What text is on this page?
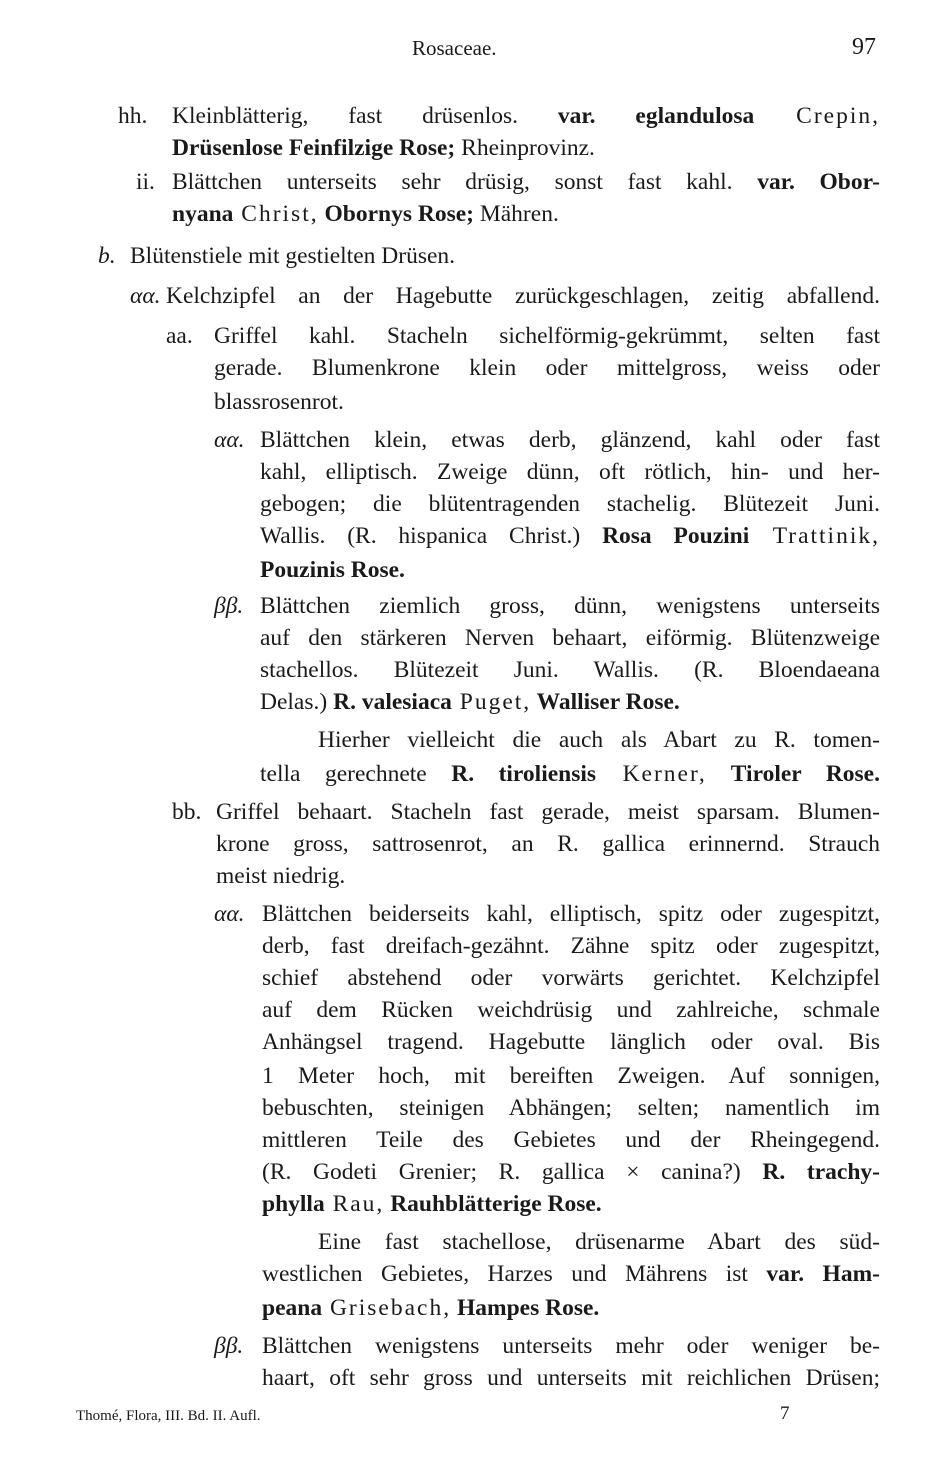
Rosaceae.	97
hh. Kleinblätterig, fast drüsenlos. var. eglandulosa Crepin,
Drüsenlose Feinfilzige Rose; Rheinprovinz.
ii. Blättchen unterseits sehr drüsig, sonst fast kahl. var. Obor-
nyana Christ, Obornys Rose; Mähren.
b. Blütenstiele mit gestielten Drüsen.
αα. Kelchzipfel an der Hagebutte zurückgeschlagen, zeitig abfallend.
aa. Griffel kahl. Stacheln sichelförmig-gekrümmt, selten fast
gerade. Blumenkrone klein oder mittelgross, weiss oder
blassrosenrot.
αα. Blättchen klein, etwas derb, glänzend, kahl oder fast
kahl, elliptisch. Zweige dünn, oft rötlich, hin- und her-
gebogen; die blütentragenden stachelig. Blütezeit Juni.
Wallis. (R. hispanica Christ.) Rosa Pouzini Trattinik,
Pouzinis Rose.
ββ. Blättchen ziemlich gross, dünn, wenigstens unterseits
auf den stärkeren Nerven behaart, eiförmig. Blütenzweige
stachellos. Blütezeit Juni. Wallis. (R. Bloendaeana
Delas.) R. valesiaca Puget, Walliser Rose.
Hierher vielleicht die auch als Abart zu R. tomen-
tella gerechnete R. tiroliensis Kerner, Tiroler Rose.
bb. Griffel behaart. Stacheln fast gerade, meist sparsam. Blumen-
krone gross, sattrosenrot, an R. gallica erinnernd. Strauch
meist niedrig.
αα. Blättchen beiderseits kahl, elliptisch, spitz oder zugespitzt,
derb, fast dreifach-gezähnt. Zähne spitz oder zugespitzt,
schief abstehend oder vorwärts gerichtet. Kelchzipfel
auf dem Rücken weichdrüsig und zahlreiche, schmale
Anhängsel tragend. Hagebutte länglich oder oval. Bis
1 Meter hoch, mit bereiften Zweigen. Auf sonnigen,
bebuschten, steinigen Abhängen; selten; namentlich im
mittleren Teile des Gebietes und der Rheingegend.
(R. Godeti Grenier; R. gallica × canina?) R. trachy-
phylla Rau, Rauhblätterige Rose.
Eine fast stachellose, drüsenarme Abart des süd-
westlichen Gebietes, Harzes und Mährens ist var. Ham-
peana Grisebach, Hampes Rose.
ββ. Blättchen wenigstens unterseits mehr oder weniger be-
haart, oft sehr gross und unterseits mit reichlichen Drüsen;
Thomé, Flora, III. Bd. II. Aufl.	7
